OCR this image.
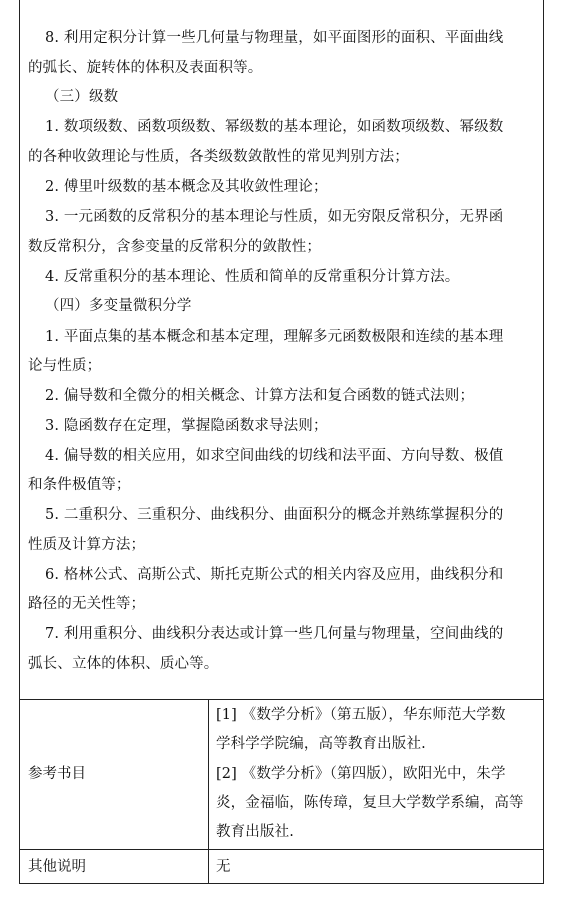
8. 利用定积分计算一些几何量与物理量，如平面图形的面积、平面曲线
的弧长、旋转体的体积及表面积等。
（三）级数
1. 数项级数、函数项级数、幂级数的基本理论，如函数项级数、幂级数
的各种收敛理论与性质，各类级数敛散性的常见判别方法；
2. 傅里叶级数的基本概念及其收敛性理论；
3. 一元函数的反常积分的基本理论与性质，如无穷限反常积分，无界函
数反常积分，含参变量的反常积分的敛散性；
4. 反常重积分的基本理论、性质和简单的反常重积分计算方法。
（四）多变量微积分学
1. 平面点集的基本概念和基本定理，理解多元函数极限和连续的基本理
论与性质；
2. 偏导数和全微分的相关概念、计算方法和复合函数的链式法则；
3. 隐函数存在定理，掌握隐函数求导法则；
4. 偏导数的相关应用，如求空间曲线的切线和法平面、方向导数、极值
和条件极值等；
5. 二重积分、三重积分、曲线积分、曲面积分的概念并熟练掌握积分的
性质及计算方法；
6. 格林公式、高斯公式、斯托克斯公式的相关内容及应用，曲线积分和
路径的无关性等；
7. 利用重积分、曲线积分表达或计算一些几何量与物理量，空间曲线的
弧长、立体的体积、质心等。
参考书目
[1] 《数学分析》（第五版），华东师范大学数
学科学学院编，高等教育出版社.
[2] 《数学分析》（第四版），欧阳光中，朱学
炎，金福临，陈传璋，复旦大学数学系编，高等
教育出版社.
其他说明	无
